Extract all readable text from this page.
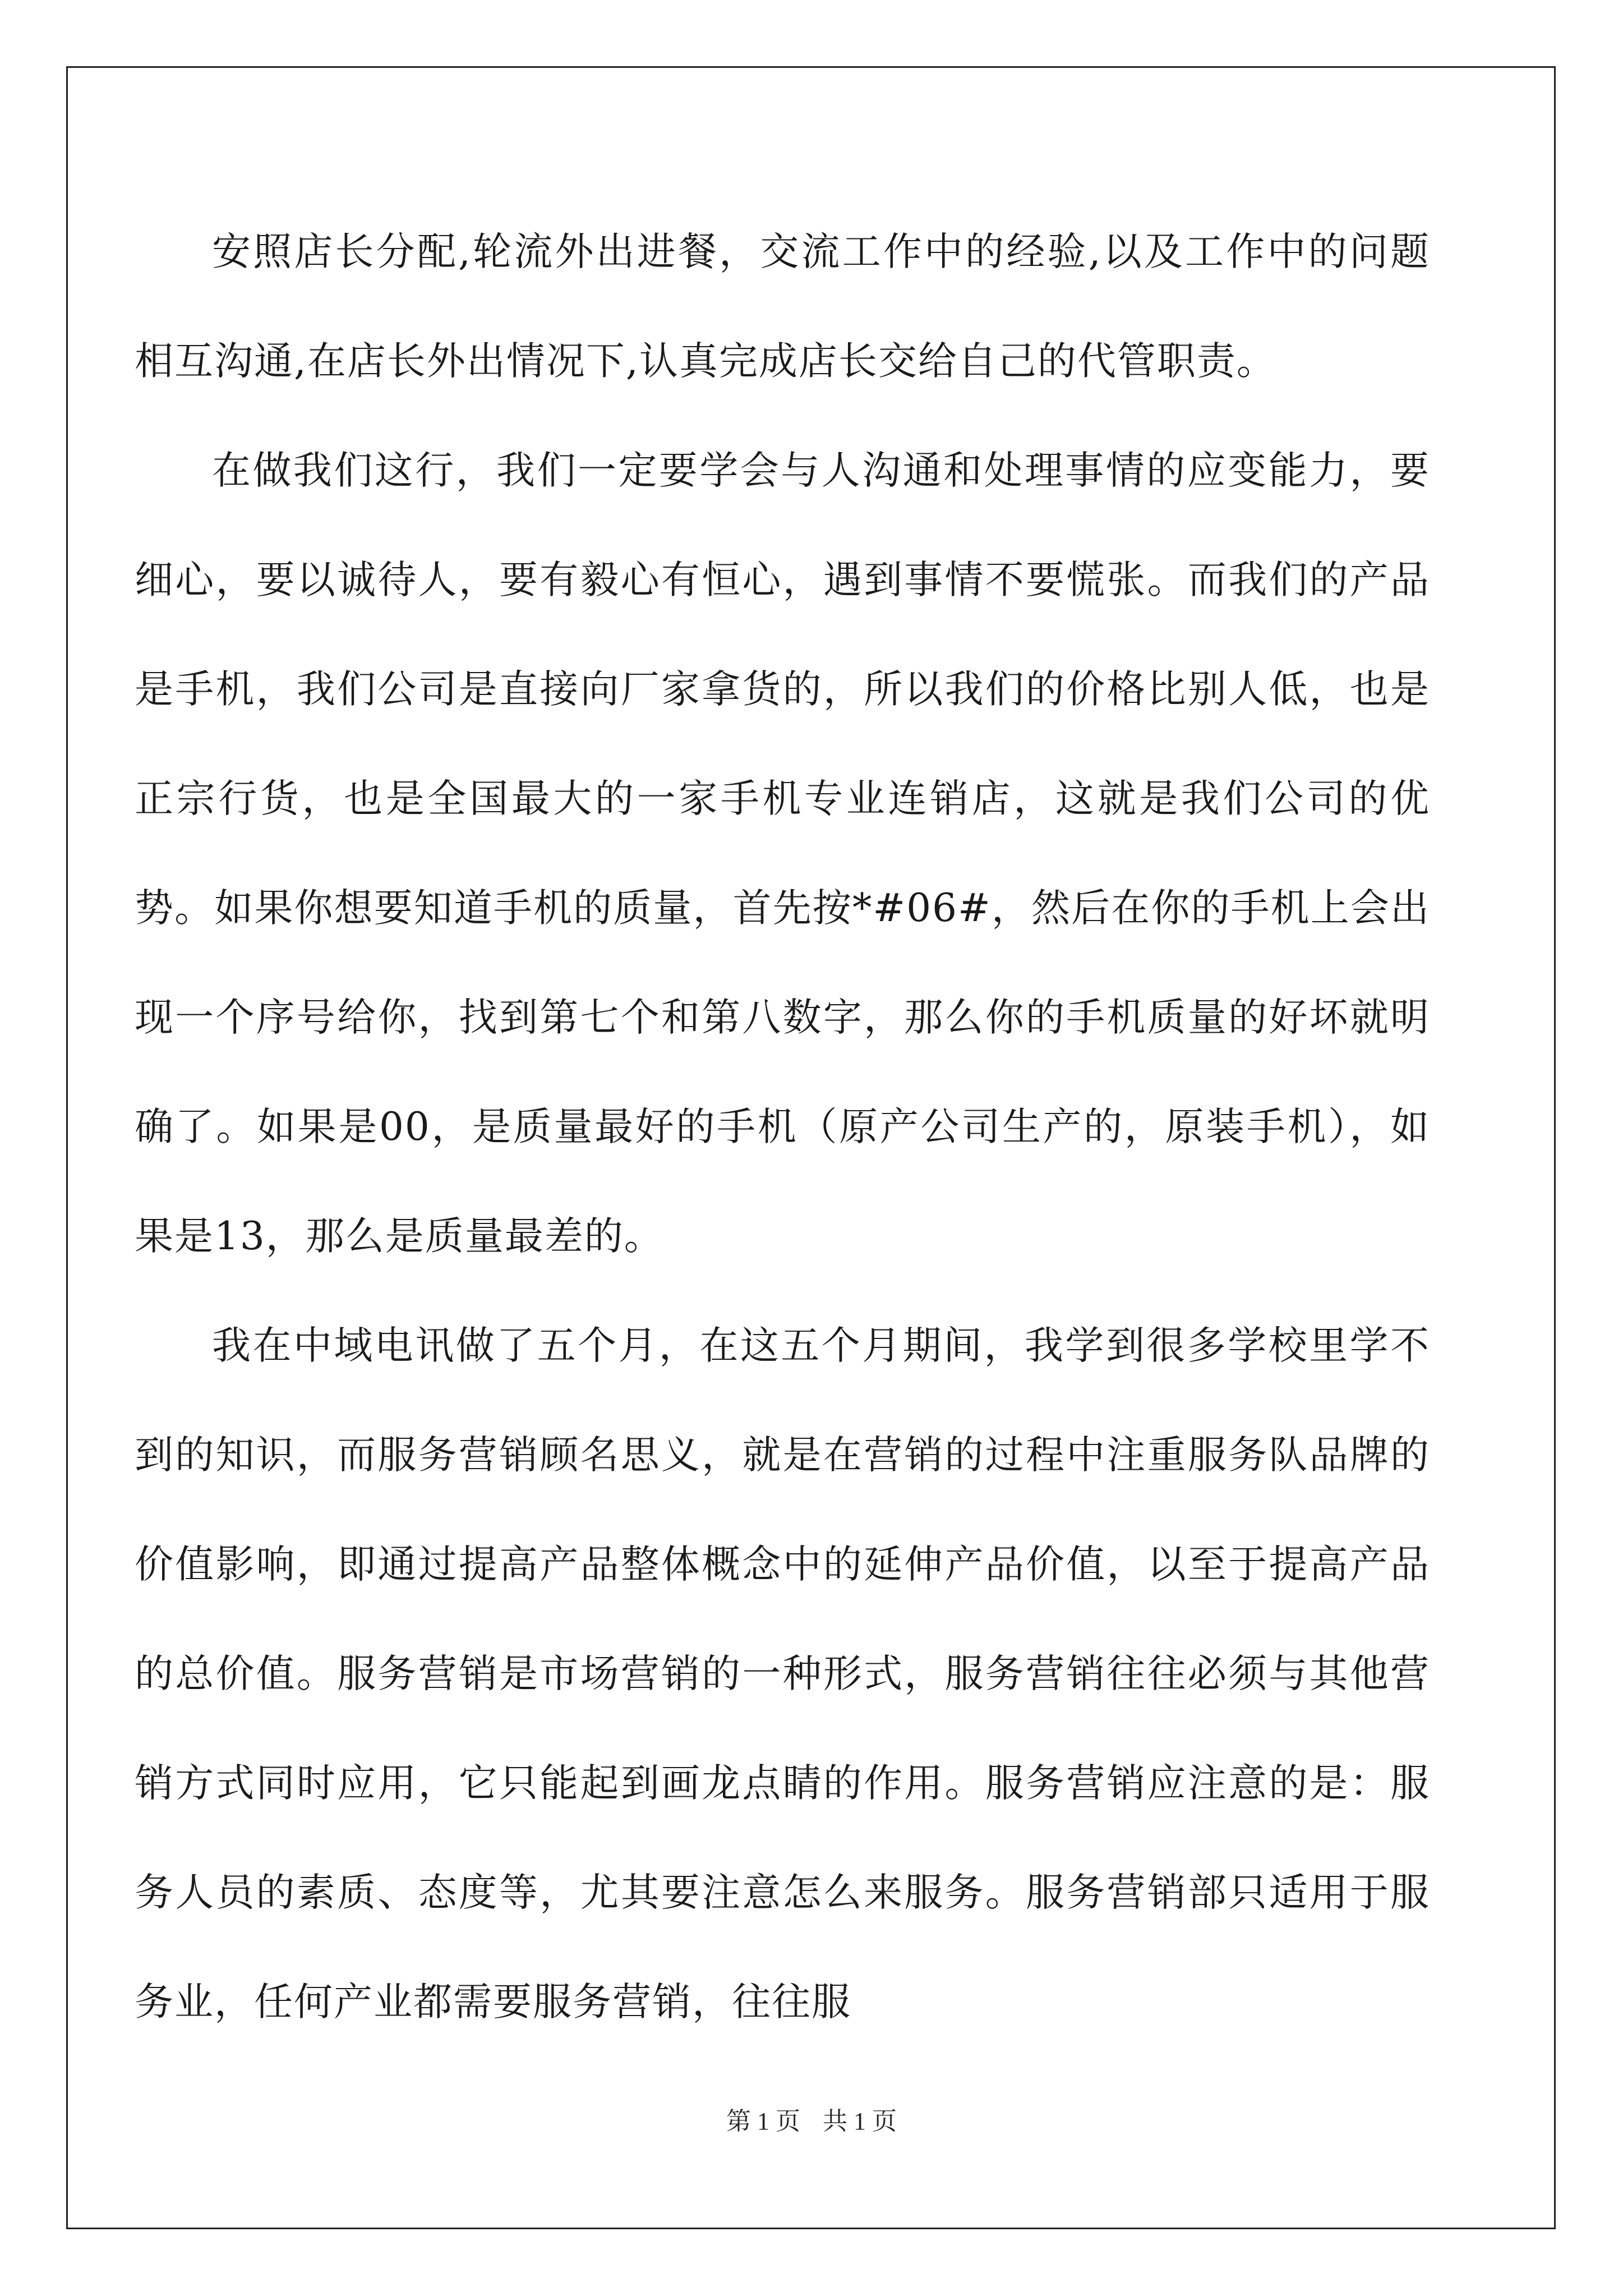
安照店长分配,轮流外出进餐，交流工作中的经验,以及工作中的问题相互沟通,在店长外出情况下,认真完成店长交给自己的代管职责。

在做我们这行，我们一定要学会与人沟通和处理事情的应变能力，要细心，要以诚待人，要有毅心有恒心，遇到事情不要慌张。而我们的产品是手机，我们公司是直接向厂家拿货的，所以我们的价格比别人低，也是正宗行货，也是全国最大的一家手机专业连销店，这就是我们公司的优势。如果你想要知道手机的质量，首先按*#06#，然后在你的手机上会出现一个序号给你，找到第七个和第八数字，那么你的手机质量的好坏就明确了。如果是00，是质量最好的手机（原产公司生产的，原装手机），如果是13，那么是质量最差的。

我在中域电讯做了五个月，在这五个月期间，我学到很多学校里学不到的知识，而服务营销顾名思义，就是在营销的过程中注重服务队品牌的价值影响，即通过提高产品整体概念中的延伸产品价值，以至于提高产品的总价值。服务营销是市场营销的一种形式，服务营销往往必须与其他营销方式同时应用，它只能起到画龙点睛的作用。服务营销应注意的是：服务人员的素质、态度等，尤其要注意怎么来服务。服务营销部只适用于服务业，任何产业都需要服务营销，往往服

第 1 页 共 1 页
